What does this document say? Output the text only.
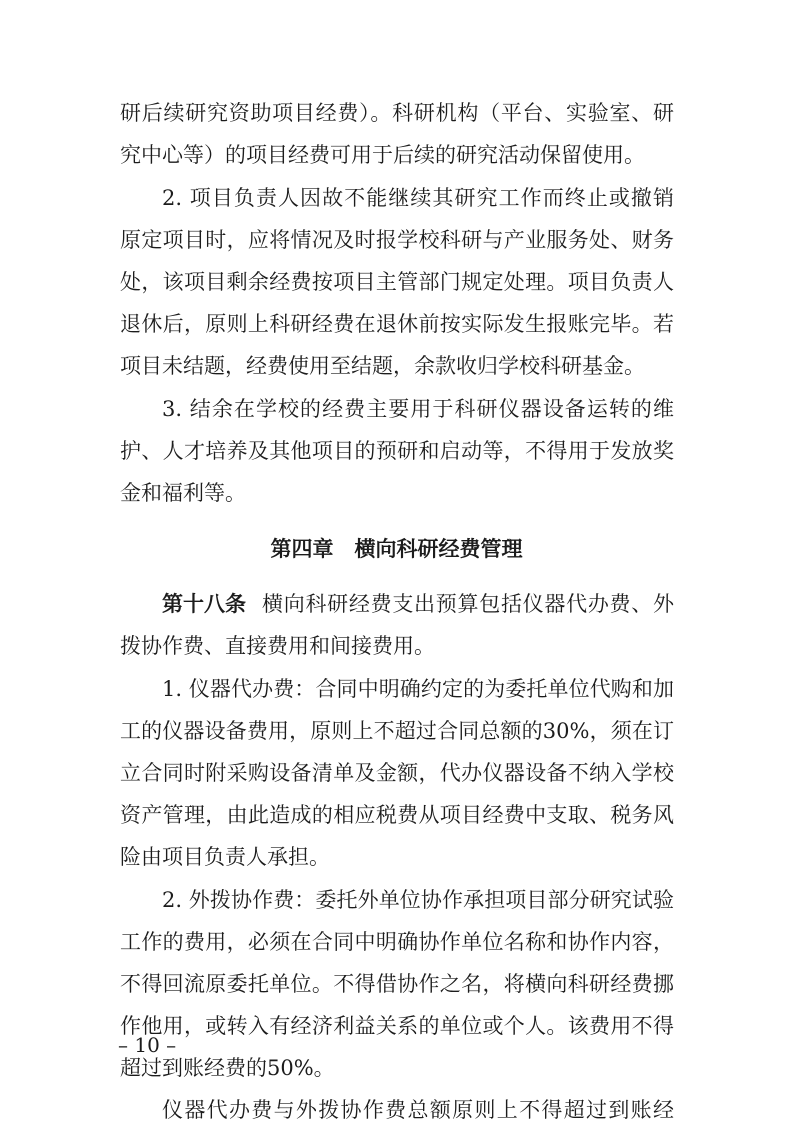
研后续研究资助项目经费）。科研机构（平台、实验室、研
究中心等）的项目经费可用于后续的研究活动保留使用。
2. 项目负责人因故不能继续其研究工作而终止或撤销
原定项目时，应将情况及时报学校科研与产业服务处、财务
处，该项目剩余经费按项目主管部门规定处理。项目负责人
退休后，原则上科研经费在退休前按实际发生报账完毕。若
项目未结题，经费使用至结题，余款收归学校科研基金。
3. 结余在学校的经费主要用于科研仪器设备运转的维
护、人才培养及其他项目的预研和启动等，不得用于发放奖
金和福利等。
第四章　横向科研经费管理
第十八条 横向科研经费支出预算包括仪器代办费、外
拨协作费、直接费用和间接费用。
1. 仪器代办费：合同中明确约定的为委托单位代购和加
工的仪器设备费用，原则上不超过合同总额的30%，须在订
立合同时附采购设备清单及金额，代办仪器设备不纳入学校
资产管理，由此造成的相应税费从项目经费中支取、税务风
险由项目负责人承担。
2. 外拨协作费：委托外单位协作承担项目部分研究试验
工作的费用，必须在合同中明确协作单位名称和协作内容，
不得回流原委托单位。不得借协作之名，将横向科研经费挪
作他用，或转入有经济利益关系的单位或个人。该费用不得
超过到账经费的50%。
仪器代办费与外拨协作费总额原则上不得超过到账经
– 10 –
